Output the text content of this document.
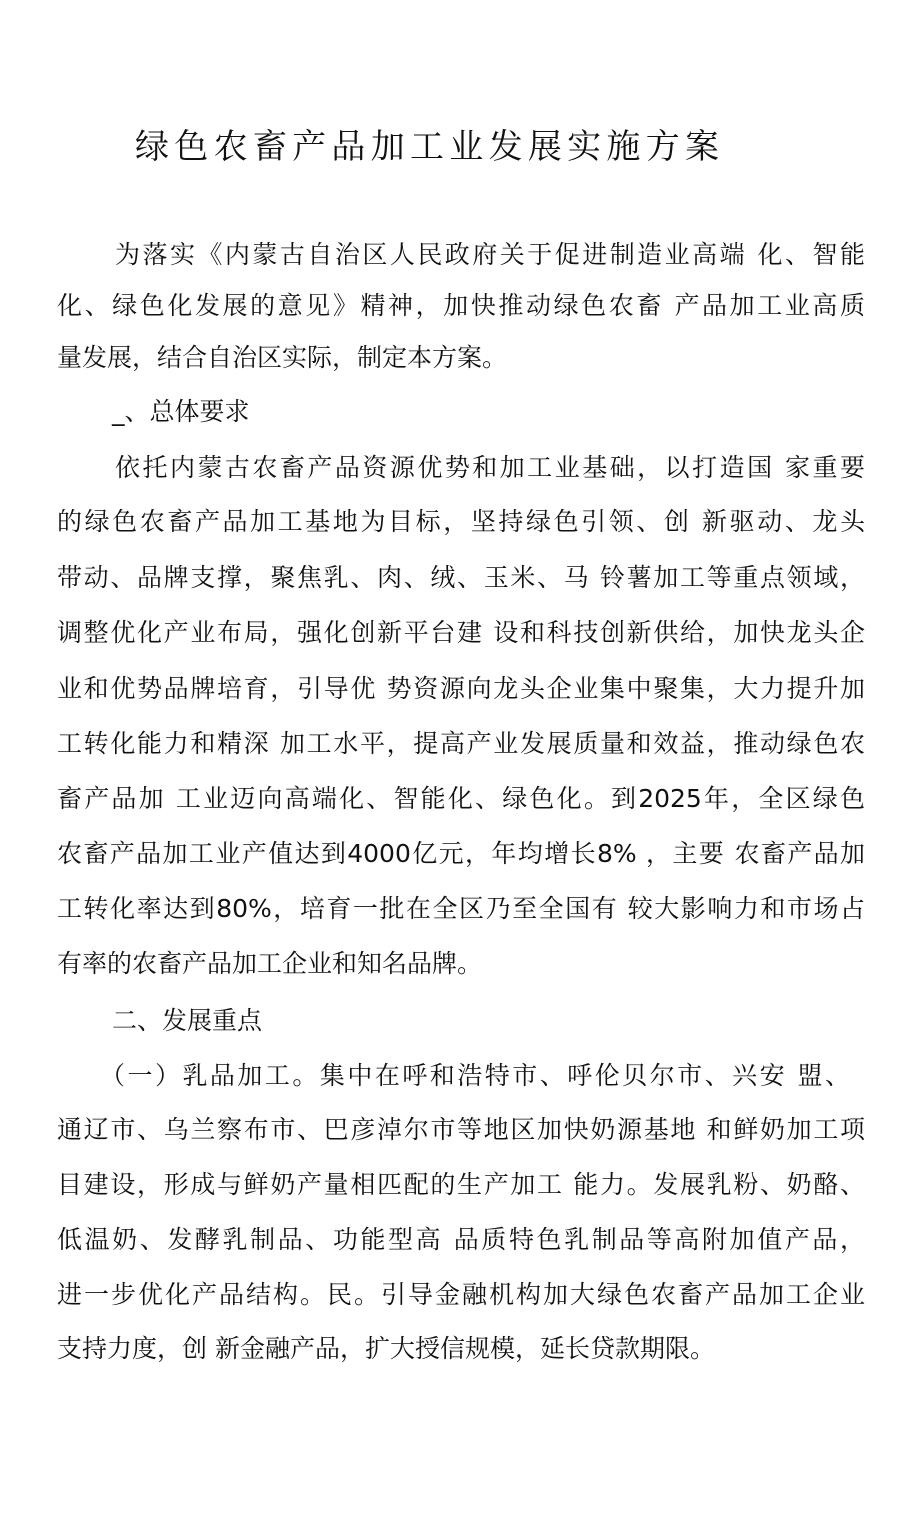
绿色农畜产品加工业发展实施方案
为落实《内蒙古自治区人民政府关于促进制造业高端 化、智能
化、绿色化发展的意见》精神，加快推动绿色农畜 产品加工业高质
量发展，结合自治区实际，制定本方案。
_、总体要求
依托内蒙古农畜产品资源优势和加工业基础，以打造国 家重要
的绿色农畜产品加工基地为目标，坚持绿色引领、创 新驱动、龙头
带动、品牌支撑，聚焦乳、肉、绒、玉米、马 铃薯加工等重点领域，
调整优化产业布局，强化创新平台建 设和科技创新供给，加快龙头企
业和优势品牌培育，引导优 势资源向龙头企业集中聚集，大力提升加
工转化能力和精深 加工水平，提高产业发展质量和效益，推动绿色农
畜产品加 工业迈向高端化、智能化、绿色化。到2025年，全区绿色
农畜产品加工业产值达到4000亿元，年均增长8% ，主要 农畜产品加
工转化率达到80%，培育一批在全区乃至全国有 较大影响力和市场占
有率的农畜产品加工企业和知名品牌。
二、发展重点
（一）乳品加工。集中在呼和浩特市、呼伦贝尔市、兴安 盟、
通辽市、乌兰察布市、巴彦淖尔市等地区加快奶源基地 和鲜奶加工项
目建设，形成与鲜奶产量相匹配的生产加工 能力。发展乳粉、奶酪、
低温奶、发酵乳制品、功能型高 品质特色乳制品等高附加值产品，
进一步优化产品结构。民。引导金融机构加大绿色农畜产品加工企业
支持力度，创 新金融产品，扩大授信规模，延长贷款期限。
